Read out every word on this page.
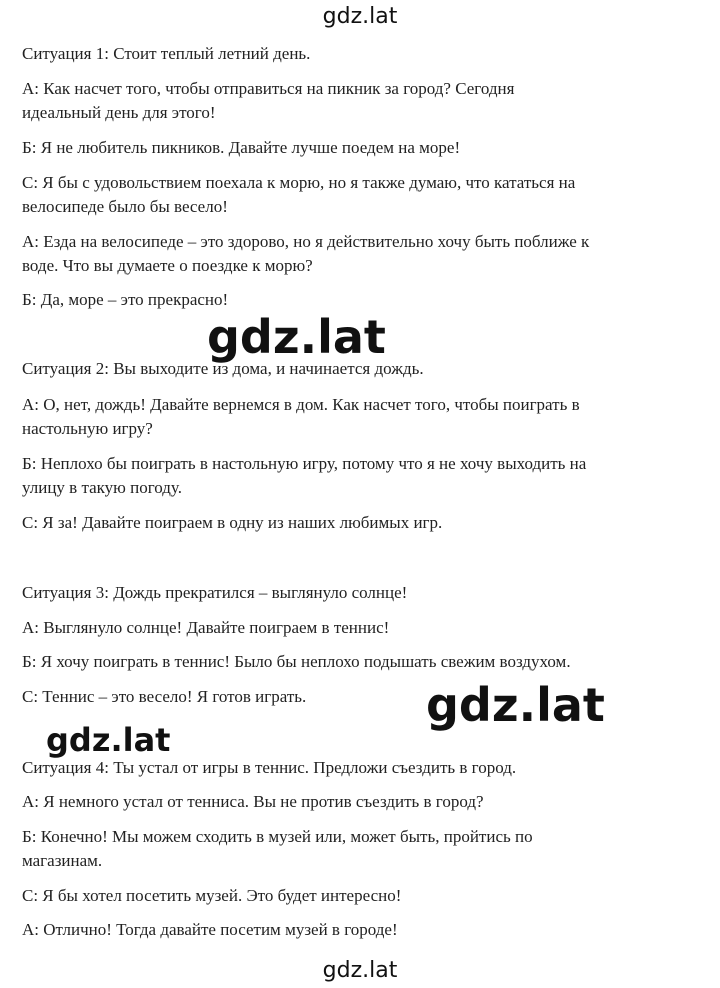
gdz.lat
Ситуация 1: Стоит теплый летний день.
А: Как насчет того, чтобы отправиться на пикник за город? Сегодня
идеальный день для этого!
Б: Я не любитель пикников. Давайте лучше поедем на море!
С: Я бы с удовольствием поехала к морю, но я также думаю, что кататься на
велосипеде было бы весело!
А: Езда на велосипеде – это здорово, но я действительно хочу быть поближе к
воде. Что вы думаете о поездке к морю?
Б: Да, море – это прекрасно!
Ситуация 2: Вы выходите из дома, и начинается дождь.
А: О, нет, дождь! Давайте вернемся в дом. Как насчет того, чтобы поиграть в
настольную игру?
Б: Неплохо бы поиграть в настольную игру, потому что я не хочу выходить на
улицу в такую погоду.
С: Я за! Давайте поиграем в одну из наших любимых игр.
Ситуация 3: Дождь прекратился – выглянуло солнце!
А: Выглянуло солнце! Давайте поиграем в теннис!
Б: Я хочу поиграть в теннис! Было бы неплохо подышать свежим воздухом.
С: Теннис – это весело! Я готов играть.
Ситуация 4: Ты устал от игры в теннис. Предложи съездить в город.
А: Я немного устал от тенниса. Вы не против съездить в город?
Б: Конечно! Мы можем сходить в музей или, может быть, пройтись по
магазинам.
С: Я бы хотел посетить музей. Это будет интересно!
А: Отлично! Тогда давайте посетим музей в городе!
gdz.lat
gdz.lat
gdz.lat
gdz.lat
